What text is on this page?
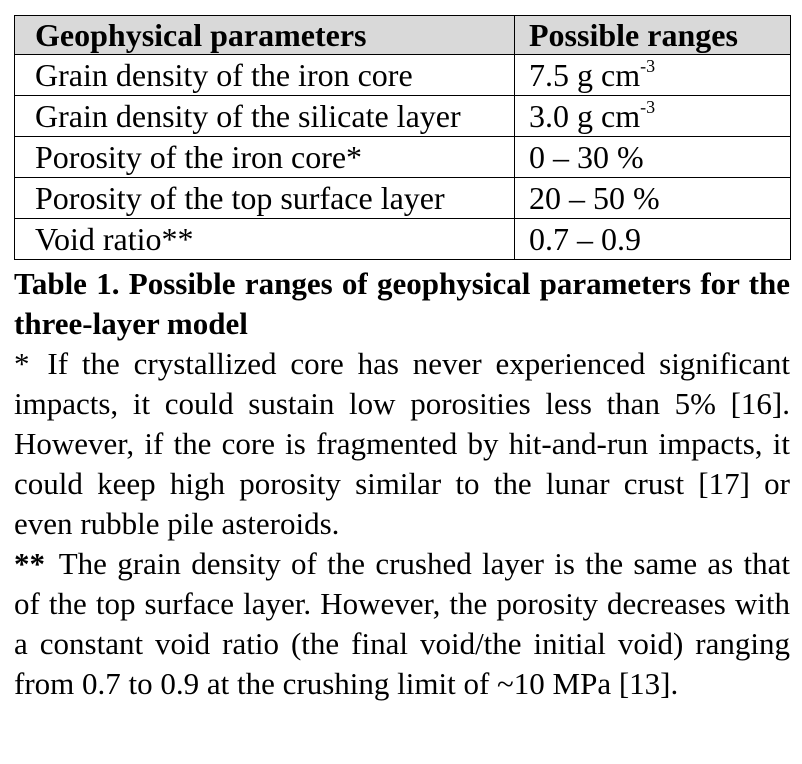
Geophysical parameters	Possible ranges
Grain density of the iron core	7.5 g $cm^{-3}$
Grain density of the silicate layer	3.0 g $cm^{-3}$
Porosity of the iron core*	0 – 30 %
Porosity of the top surface layer	20 – 50 %
Void ratio**	0.7 – 0.9
Table 1. Possible ranges of geophysical parameters for the three-layer model
* If the crystallized core has never experienced significant impacts, it could sustain low porosities less than 5% [16]. However, if the core is fragmented by hit-and-run impacts, it could keep high porosity similar to the lunar crust [17] or even rubble pile asteroids.
** The grain density of the crushed layer is the same as that of the top surface layer. However, the porosity decreases with a constant void ratio (the final void/the initial void) ranging from 0.7 to 0.9 at the crushing limit of ~10 MPa [13].
